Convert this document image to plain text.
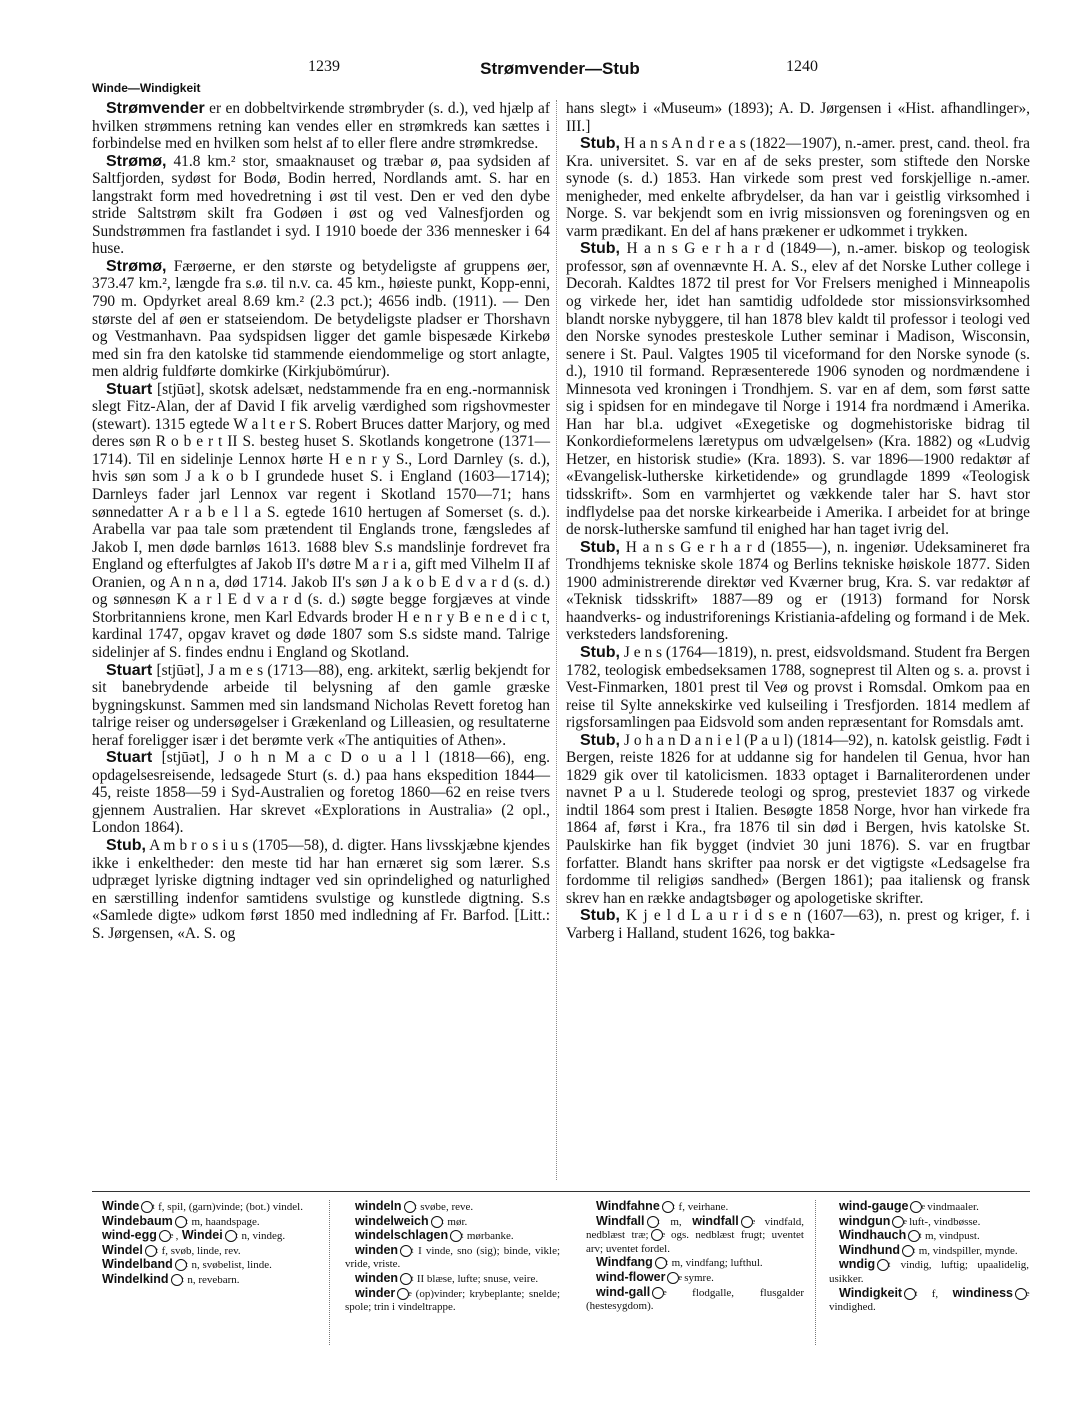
1239	Strømvender—Stub	1240
Winde—Windigkeit

Strømvender er en dobbeltvirkende strømbryder (s. d.), ved hjælp af hvilken strømmens retning kan vendes eller en strømkreds kan sættes i forbindelse med en hvilken som helst af to eller flere andre strømkredse.

Strømø, 41.8 km.² stor, smaaknauset og træbar ø, paa sydsiden af Saltfjorden, sydøst for Bodø, Bodin herred, Nordlands amt. S. har en langstrakt form med hovedretning i øst til vest. Den er ved den dybe stride Saltstrøm skilt fra Godøen i øst og ved Valnesfjorden og Sundstrømmen fra fastlandet i syd. I 1910 boede der 336 mennesker i 64 huse.

Strømø, Færøerne, er den største og betydeligste af gruppens øer, 373.47 km.², længde fra s.ø. til n.v. ca. 45 km., høieste punkt, Kopp-enni, 790 m. Opdyrket areal 8.69 km.² (2.3 pct.); 4656 indb. (1911). — Den største del af øen er statseiendom. De betydeligste pladser er Thorshavn og Vestmanhavn. Paa sydspidsen ligger det gamle bispesæde Kirkebø med sin fra den katolske tid stammende eiendommelige og stort anlagte, men aldrig fuldførte domkirke (Kirkjubömúrur).

Stuart [stjūət], skotsk adelsæt, nedstammende fra en eng.-normannisk slegt Fitz-Alan, der af David I fik arvelig værdighed som rigshovmester (stewart). 1315 egtede W a l t e r S. Robert Bruces datter Marjory, og med deres søn R o b e r t II S. besteg huset S. Skotlands kongetrone (1371—1714). Til en sidelinje Lennox hørte H e n r y S., Lord Darnley (s. d.), hvis søn som J a k o b I grundede huset S. i England (1603—1714); Darnleys fader jarl Lennox var regent i Skotland 1570—71; hans sønnedatter A r a b e l l a S. egtede 1610 hertugen af Somerset (s. d.). Arabella var paa tale som prætendent til Englands trone, fængsledes af Jakob I, men døde barnløs 1613. 1688 blev S.s mandslinje fordrevet fra England og efterfulgtes af Jakob II's døtre M a r i a, gift med Vilhelm II af Oranien, og A n n a, død 1714. Jakob II's søn J a k o b E d v a r d (s. d.) og sønnesøn K a r l E d v a r d (s. d.) søgte begge forgjæves at vinde Storbritanniens krone, men Karl Edvards broder H e n r y B e n e d i c t, kardinal 1747, opgav kravet og døde 1807 som S.s sidste mand. Talrige sidelinjer af S. findes endnu i England og Skotland.

Stuart [stjūət], J a m e s (1713—88), eng. arkitekt, særlig bekjendt for sit banebrydende arbeide til belysning af den gamle græske bygningskunst. Sammen med sin landsmand Nicholas Revett foretog han talrige reiser og undersøgelser i Grækenland og Lilleasien, og resultaterne heraf foreligger især i det berømte verk «The antiquities of Athen».

Stuart [stjūət], J o h n M a c D o u a l l (1818—66), eng. opdagelsesreisende, ledsagede Sturt (s. d.) paa hans ekspedition 1844—45, reiste 1858—59 i Syd-Australien og foretog 1860—62 en reise tvers gjennem Australien. Har skrevet «Explorations in Australia» (2 opl., London 1864).

Stub, A m b r o s i u s (1705—58), d. digter. Hans livsskjæbne kjendes ikke i enkeltheder: den meste tid har han ernæret sig som lærer. S.s udpræget lyriske digtning indtager ved sin oprindelighed og naturlighed en særstilling indenfor samtidens svulstige og kunstlede digtning. S.s «Samlede digte» udkom først 1850 med indledning af Fr. Barfod. [Litt.: S. Jørgensen, «A. S. og

hans slegt» i «Museum» (1893); A. D. Jørgensen i «Hist. afhandlinger», III.]

Stub, H a n s A n d r e a s (1822—1907), n.-amer. prest, cand. theol. fra Kra. universitet. S. var en af de seks prester, som stiftede den Norske synode (s. d.) 1853. Han virkede som prest ved forskjellige n.-amer. menigheder, med enkelte afbrydelser, da han var i geistlig virksomhed i Norge. S. var bekjendt som en ivrig missionsven og foreningsven og en varm prædikant. En del af hans prækener er udkommet i trykken.

Stub, H a n s G e r h a r d (1849—), n.-amer. biskop og teologisk professor, søn af ovennævnte H. A. S., elev af det Norske Luther college i Decorah. Kaldtes 1872 til prest for Vor Frelsers menighed i Minneapolis og virkede her, idet han samtidig udfoldede stor missionsvirksomhed blandt norske nybyggere, til han 1878 blev kaldt til professor i teologi ved den Norske synodes presteskole Luther seminar i Madison, Wisconsin, senere i St. Paul. Valgtes 1905 til viceformand for den Norske synode (s. d.), 1910 til formand. Repræsenterede 1906 synoden og nordmændene i Minnesota ved kroningen i Trondhjem. S. var en af dem, som først satte sig i spidsen for en mindegave til Norge i 1914 fra nordmænd i Amerika. Han har bl.a. udgivet «Exegetiske og dogmehistoriske bidrag til Konkordieformelens læretypus om udvælgelsen» (Kra. 1882) og «Ludvig Hetzer, en historisk studie» (Kra. 1893). S. var 1896—1900 redaktør af «Evangelisk-lutherske kirketidende» og grundlagde 1899 «Teologisk tidsskrift». Som en varmhjertet og vækkende taler har S. havt stor indflydelse paa det norske kirkearbeide i Amerika. I arbeidet for at bringe de norsk-lutherske samfund til enighed har han taget ivrig del.

Stub, H a n s G e r h a r d (1855—), n. ingeniør. Udeksamineret fra Trondhjems tekniske skole 1874 og Berlins tekniske høiskole 1877. Siden 1900 administrerende direktør ved Kværner brug, Kra. S. var redaktør af «Teknisk tidsskrift» 1887—89 og er (1913) formand for Norsk haandverks- og industriforenings Kristiania-afdeling og formand i de Mek. verksteders landsforening.

Stub, J e n s (1764—1819), n. prest, eidsvoldsmand. Student fra Bergen 1782, teologisk embedseksamen 1788, sogneprest til Alten og s. a. provst i Vest-Finmarken, 1801 prest til Veø og provst i Romsdal. Omkom paa en reise til Sylte annekskirke ved kulseiling i Tresfjorden. 1814 medlem af rigsforsamlingen paa Eidsvold som anden repræsentant for Romsdals amt.

Stub, J o h a n D a n i e l (P a u l) (1814—92), n. katolsk geistlig. Født i Bergen, reiste 1826 for at uddanne sig for handelen til Genua, hvor han 1829 gik over til katolicismen. 1833 optaget i Barnaliterordenen under navnet P a u l. Studerede teologi og sprog, presteviet 1837 og virkede indtil 1864 som prest i Italien. Besøgte 1858 Norge, hvor han virkede fra 1864 af, først i Kra., fra 1876 til sin død i Bergen, hvis katolske St. Paulskirke han fik bygget (indviet 30 juni 1876). S. var en frugtbar forfatter. Blandt hans skrifter paa norsk er det vigtigste «Ledsagelse fra fordomme til religiøs sandhed» (Bergen 1861); paa italiensk og fransk skrev han en række andagtsbøger og apologetiske skrifter.

Stub, K j e l d L a u r i d s e n (1607—63), n. prest og kriger, f. i Varberg i Halland, student 1626, tog bakka-

Winde t f, spil, (garn)vinde; (bot.) vindel.

Windebaum t m, haandspage.

wind-egg e , Windei t n, vindeg.

Windel t f, svøb, linde, rev.

Windelband t n, svøbelist, linde.

Windelkind t n, revebarn.

windeln t svøbe, reve.

windelweich t mør.

windelschlagen t mørbanke.

winden t I vinde, sno (sig); binde, vikle; vride, vriste.

winden t II blæse, lufte; snuse, veire.

winder e (op)vinder; krybeplante; snelde; spole; trin i vindeltrappe.

Windfahne t f, veirhane.

Windfall t m, windfall e vindfald, nedblæst træ; e ogs. nedblæst frugt; uventet arv; uventet fordel.

Windfang t m, vindfang; lufthul.

wind-flower e symre.

wind-gall e flodgalle, flusgalder (hestesygdom).

wind-gauge e vindmaaler.

windgun e luft-, vindbøsse.

Windhauch t m, vindpust.

Windhund t m, vindspiller, mynde.

wndig t vindig, luftig; upaalidelig, usikker.

Windigkeit t f, windiness e vindighed.
